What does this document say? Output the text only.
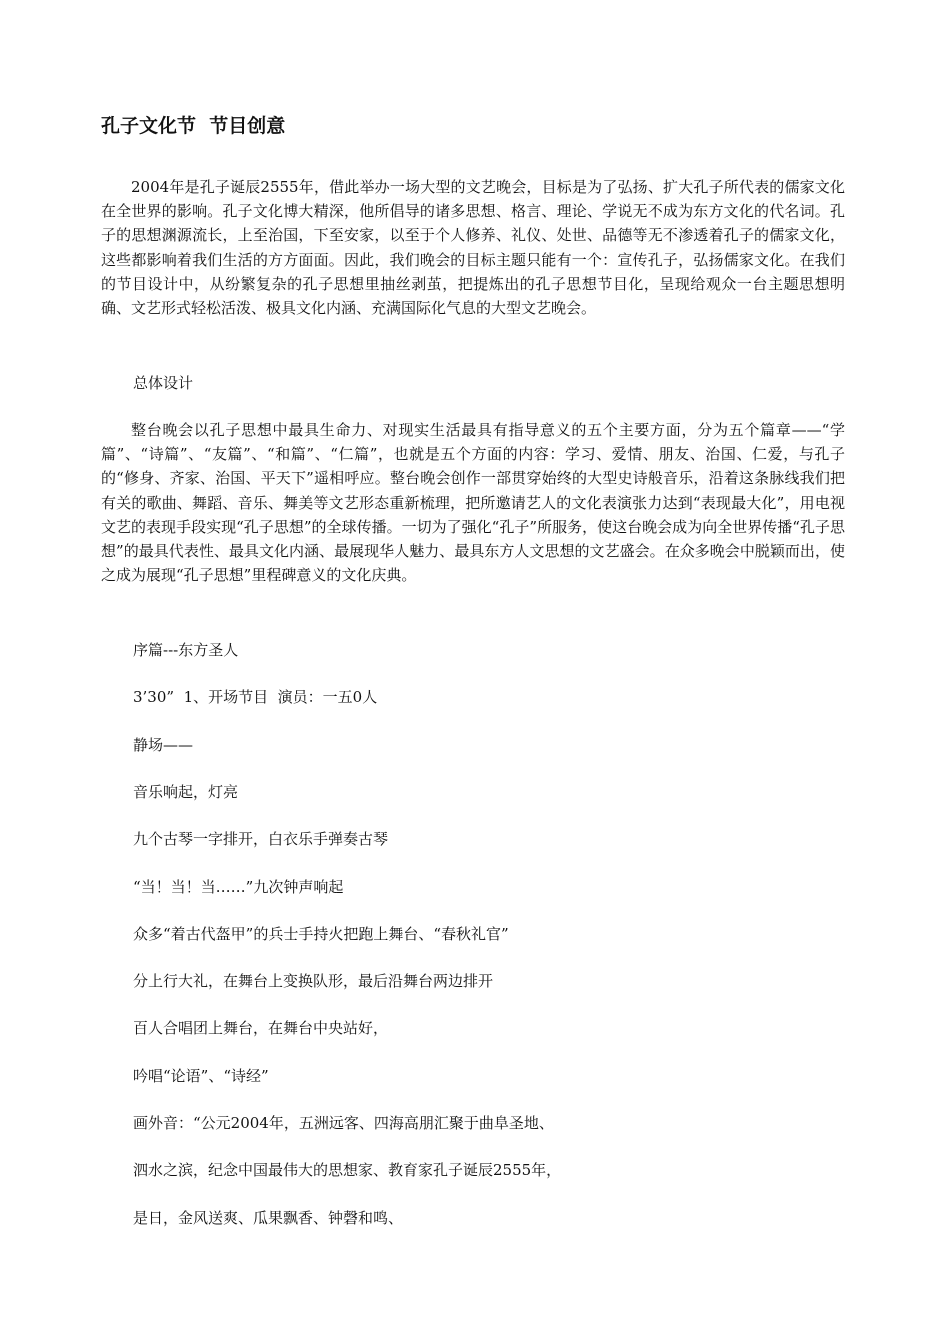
孔子文化节  节目创意

2004年是孔子诞辰2555年，借此举办一场大型的文艺晚会，目标是为了弘扬、扩大孔子所代表的儒家文化在全世界的影响。孔子文化博大精深，他所倡导的诸多思想、格言、理论、学说无不成为东方文化的代名词。孔子的思想渊源流长，上至治国，下至安家，以至于个人修养、礼仪、处世、品德等无不渗透着孔子的儒家文化，这些都影响着我们生活的方方面面。因此，我们晚会的目标主题只能有一个：宣传孔子，弘扬儒家文化。在我们的节目设计中，从纷繁复杂的孔子思想里抽丝剥茧，把提炼出的孔子思想节目化，呈现给观众一台主题思想明确、文艺形式轻松活泼、极具文化内涵、充满国际化气息的大型文艺晚会。

总体设计

整台晚会以孔子思想中最具生命力、对现实生活最具有指导意义的五个主要方面，分为五个篇章——“学篇”、“诗篇”、“友篇”、“和篇”、“仁篇”，也就是五个方面的内容：学习、爱情、朋友、治国、仁爱，与孔子的“修身、齐家、治国、平天下”遥相呼应。整台晚会创作一部贯穿始终的大型史诗般音乐，沿着这条脉线我们把有关的歌曲、舞蹈、音乐、舞美等文艺形态重新梳理，把所邀请艺人的文化表演张力达到“表现最大化”，用电视文艺的表现手段实现“孔子思想”的全球传播。一切为了强化“孔子”所服务，使这台晚会成为向全世界传播“孔子思想”的最具代表性、最具文化内涵、最展现华人魅力、最具东方人文思想的文艺盛会。在众多晚会中脱颖而出，使之成为展现“孔子思想”里程碑意义的文化庆典。

序篇---东方圣人

3’30”  1、开场节目  演员：一五0人

静场——

音乐响起，灯亮

九个古琴一字排开，白衣乐手弹奏古琴

“当！当！当……”九次钟声响起

众多“着古代盔甲”的兵士手持火把跑上舞台、“春秋礼官”

分上行大礼，在舞台上变换队形，最后沿舞台两边排开

百人合唱团上舞台，在舞台中央站好，

吟唱“论语”、“诗经”

画外音：“公元2004年，五洲远客、四海高朋汇聚于曲阜圣地、

泗水之滨，纪念中国最伟大的思想家、教育家孔子诞辰2555年，

是日，金风送爽、瓜果飘香、钟磬和鸣、
